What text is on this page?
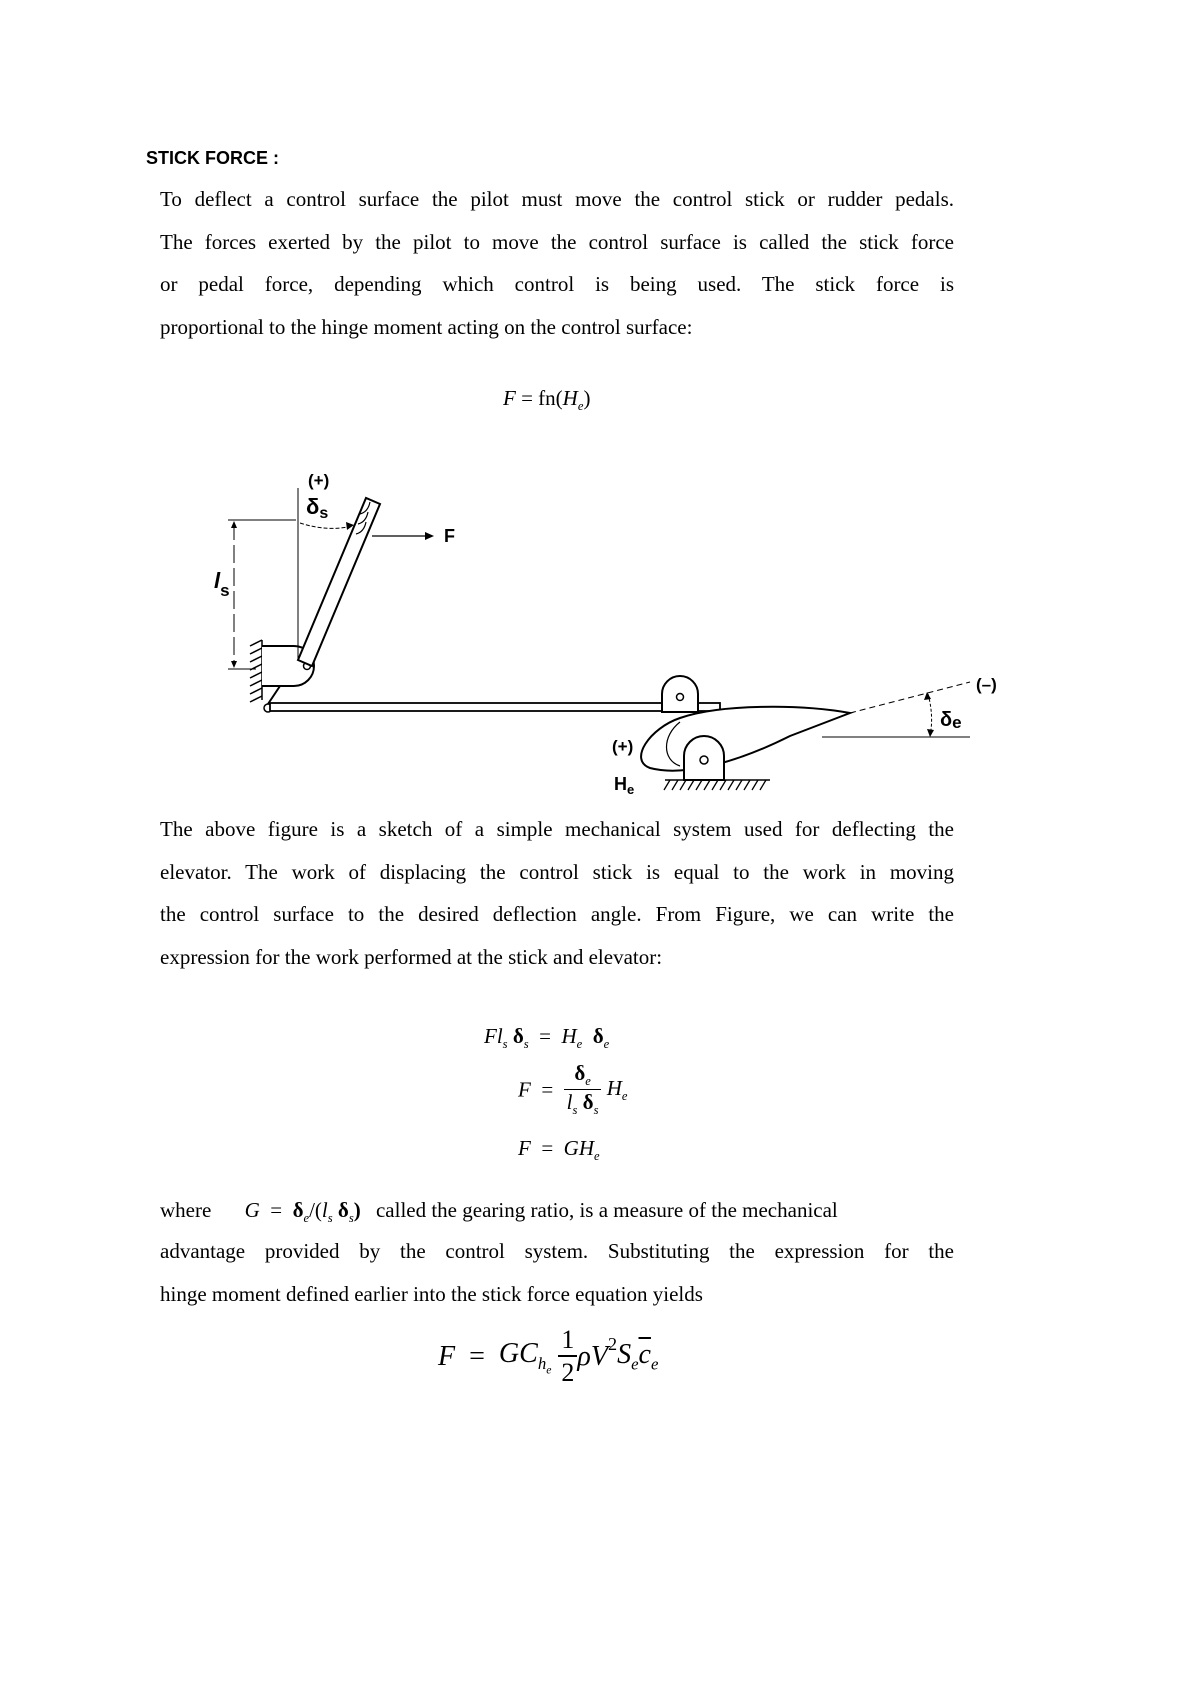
STICK FORCE :
To deflect a control surface the pilot must move the control stick or rudder pedals.
The forces exerted by the pilot to move the control surface is called the stick force
or pedal force, depending which control is being used. The stick force is
proportional to the hinge moment acting on the control surface:
$F = fn(H_e)$
(+)
δs
F
$l_s$
(–)
δe
(+)
$H_e$
The above figure is a sketch of a simple mechanical system used for deflecting the
elevator. The work of displacing the control stick is equal to the work in moving
the control surface to the desired deflection angle. From Figure, we can write the
expression for the work performed at the stick and elevator:
$Fl_s$ $\delta_s = H_e$ $\delta_e$
$F = \frac{\delta_e}{l_s \delta_s} H_e$
$F = GH_e$
where $G = \delta_e/(l_s$ $\delta_s$) called the gearing ratio, is a measure of the mechanical
advantage provided by the control system. Substituting the expression for the
hinge moment defined earlier into the stick force equation yields
$F = GC_{h_e} \frac{1}{2} \rho V^2S_e\overline{c}_e$
